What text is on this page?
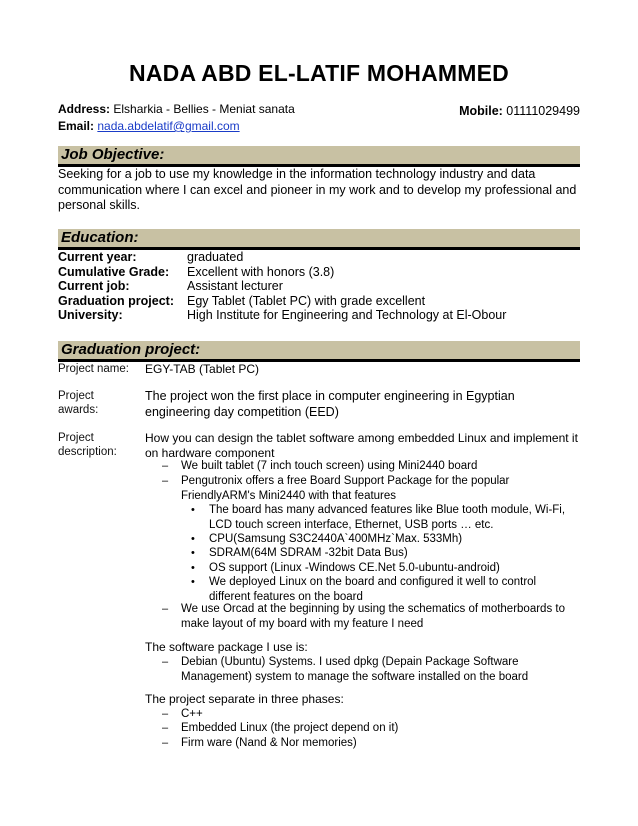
NADA ABD EL-LATIF MOHAMMED
Address: Elsharkia - Bellies - Meniat sanata
Email: nada.abdelatif@gmail.com
Mobile: 01111029499
Job Objective:
Seeking for a job to use my knowledge in the information technology industry and data communication where I can excel and pioneer in my work and to develop my professional and personal skills.
Education:
Current year:	graduated
Cumulative Grade:	Excellent with honors (3.8)
Current job:	Assistant lecturer
Graduation project:	Egy Tablet (Tablet PC) with grade excellent
University:	High Institute for Engineering and Technology at El-Obour
Graduation project:
Project name:	EGY-TAB (Tablet PC)
Project
awards:
The project won the first place in computer engineering in Egyptian engineering day competition (EED)
Project
description:
How you can design the tablet software among embedded Linux and implement it on hardware component
– We built tablet (7 inch touch screen) using Mini2440 board
– Pengutronix offers a free Board Support Package for the popular FriendlyARM's Mini2440 with that features
• The board has many advanced features like Blue tooth module, Wi-Fi, LCD touch screen interface, Ethernet, USB ports … etc.
• CPU(Samsung S3C2440A`400MHz`Max. 533Mh)
• SDRAM(64M SDRAM -32bit Data Bus)
• OS support (Linux -Windows CE.Net 5.0-ubuntu-android)
• We deployed Linux on the board and configured it well to control different features on the board
– We use Orcad at the beginning by using the schematics of motherboards to make layout of my board with my feature I need
The software package I use is:
– Debian (Ubuntu) Systems. I used dpkg (Depain Package Software Management) system to manage the software installed on the board
The project separate in three phases:
– C++
– Embedded Linux (the project depend on it)
– Firm ware (Nand & Nor memories)
